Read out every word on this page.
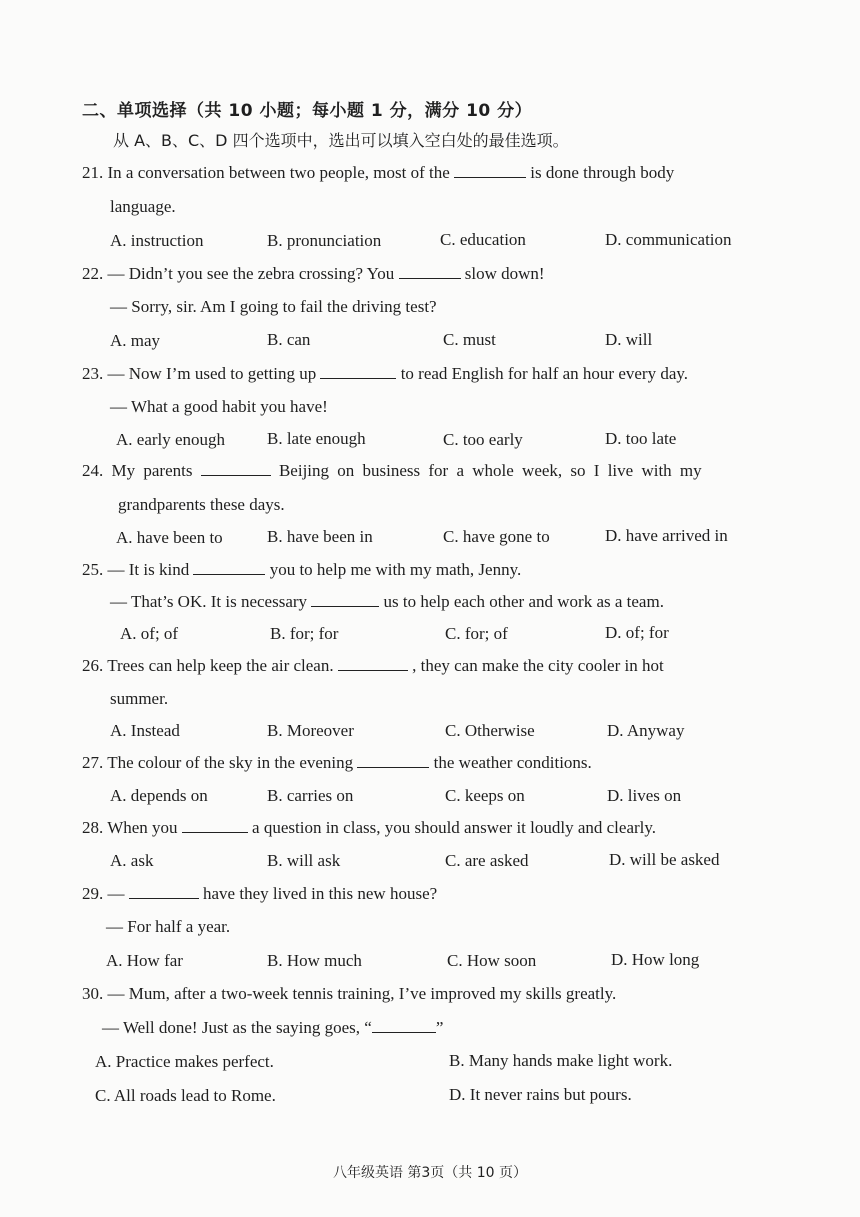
二、单项选择（共 10 小题；每小题 1 分，满分 10 分）
从 A、B、C、D 四个选项中，选出可以填入空白处的最佳选项。
21. In a conversation between two people, most of the	is done through body
language.
A. instruction	B. pronunciation	C. education	D. communication
22. — Didn’t you see the zebra crossing? You	slow down!
— Sorry, sir. Am I going to fail the driving test?
A. may	B. can	C. must	D. will
23. — Now I’m used to getting up	to read English for half an hour every day.
— What a good habit you have!
A. early enough B. late enough	C. too early	D. too late
24. My parents	Beijing on business for a whole week, so I live with my
grandparents these days.
A. have been to	B. have been in	C. have gone to	D. have arrived in
25. — It is kind	you to help me with my math, Jenny.
— That’s OK. It is necessary	us to help each other and work as a team.
A. of; of	B. for; for	C. for; of	D. of; for
26. Trees can help keep the air clean.	, they can make the city cooler in hot
summer.
A. Instead	B. Moreover	C. Otherwise	D. Anyway
27. The colour of the sky in the evening	the weather conditions.
A. depends on	B. carries on	C. keeps on	D. lives on
28. When you	a question in class, you should answer it loudly and clearly.
A. ask	B. will ask	C. are asked	D. will be asked
29. —	have they lived in this new house?
— For half a year.
A. How far	B. How much	C. How soon	D. How long
30. — Mum, after a two-week tennis training, I’ve improved my skills greatly.
— Well done! Just as the saying goes, “	”
A. Practice makes perfect.	B. Many hands make light work.
C. All roads lead to Rome.	D. It never rains but pours.
八年级英语 第3页（共 10 页）
